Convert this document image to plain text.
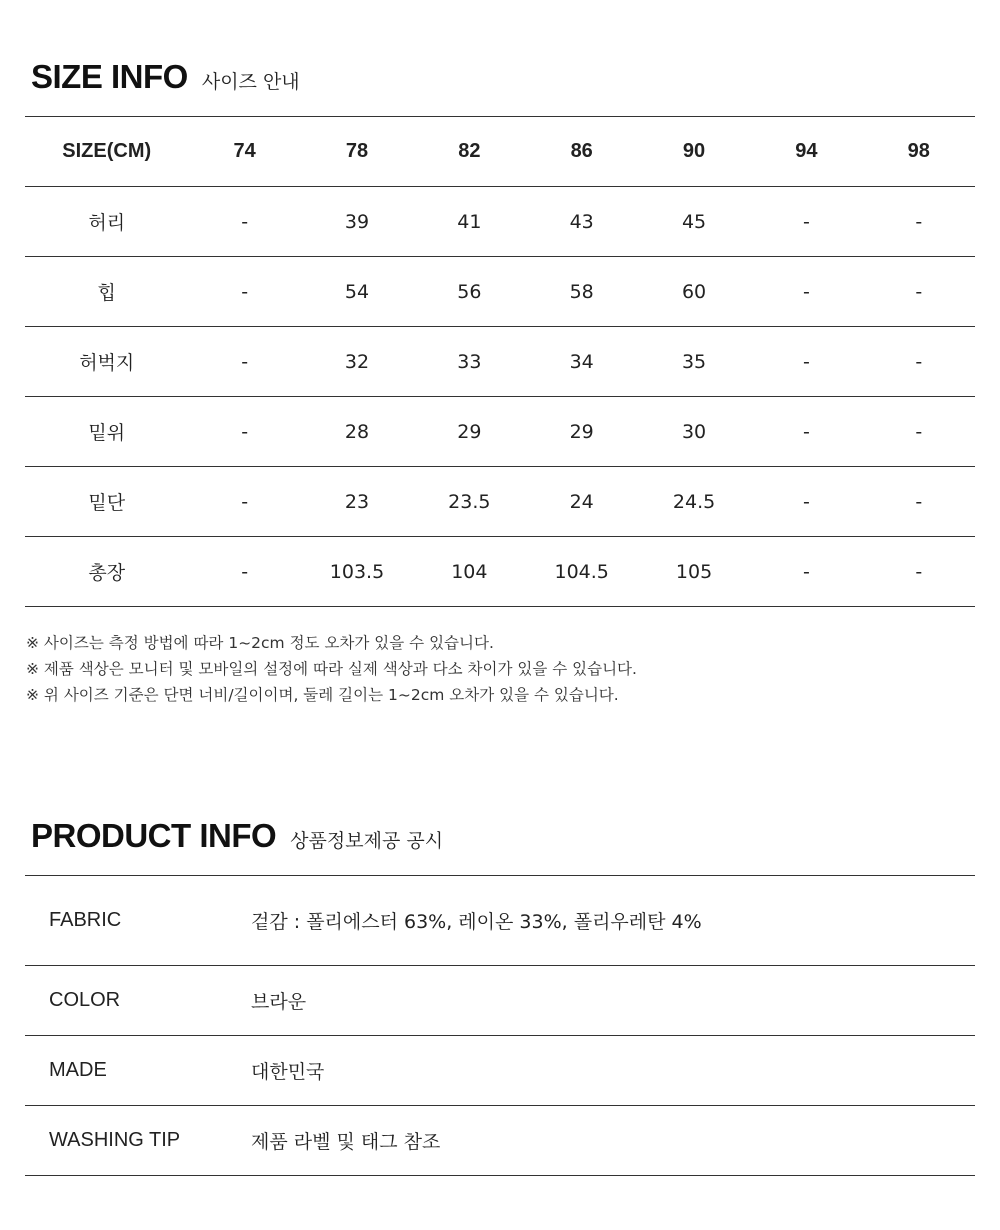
SIZE INFO 사이즈 안내
SIZE(CM)	74	78	82	86	90	94	98
허리	-	39	41	43	45	-	-
힙	-	54	56	58	60	-	-
허벅지	-	32	33	34	35	-	-
밑위	-	28	29	29	30	-	-
밑단	-	23	23.5	24	24.5	-	-
총장	-	103.5	104	104.5	105	-	-
※ 사이즈는 측정 방법에 따라 1~2cm 정도 오차가 있을 수 있습니다.
※ 제품 색상은 모니터 및 모바일의 설정에 따라 실제 색상과 다소 차이가 있을 수 있습니다.
※ 위 사이즈 기준은 단면 너비/길이이며, 둘레 길이는 1~2cm 오차가 있을 수 있습니다.
PRODUCT INFO 상품정보제공 공시
FABRIC	겉감 : 폴리에스터 63%, 레이온 33%, 폴리우레탄 4%
COLOR	브라운
MADE	대한민국
WASHING TIP	제품 라벨 및 태그 참조
